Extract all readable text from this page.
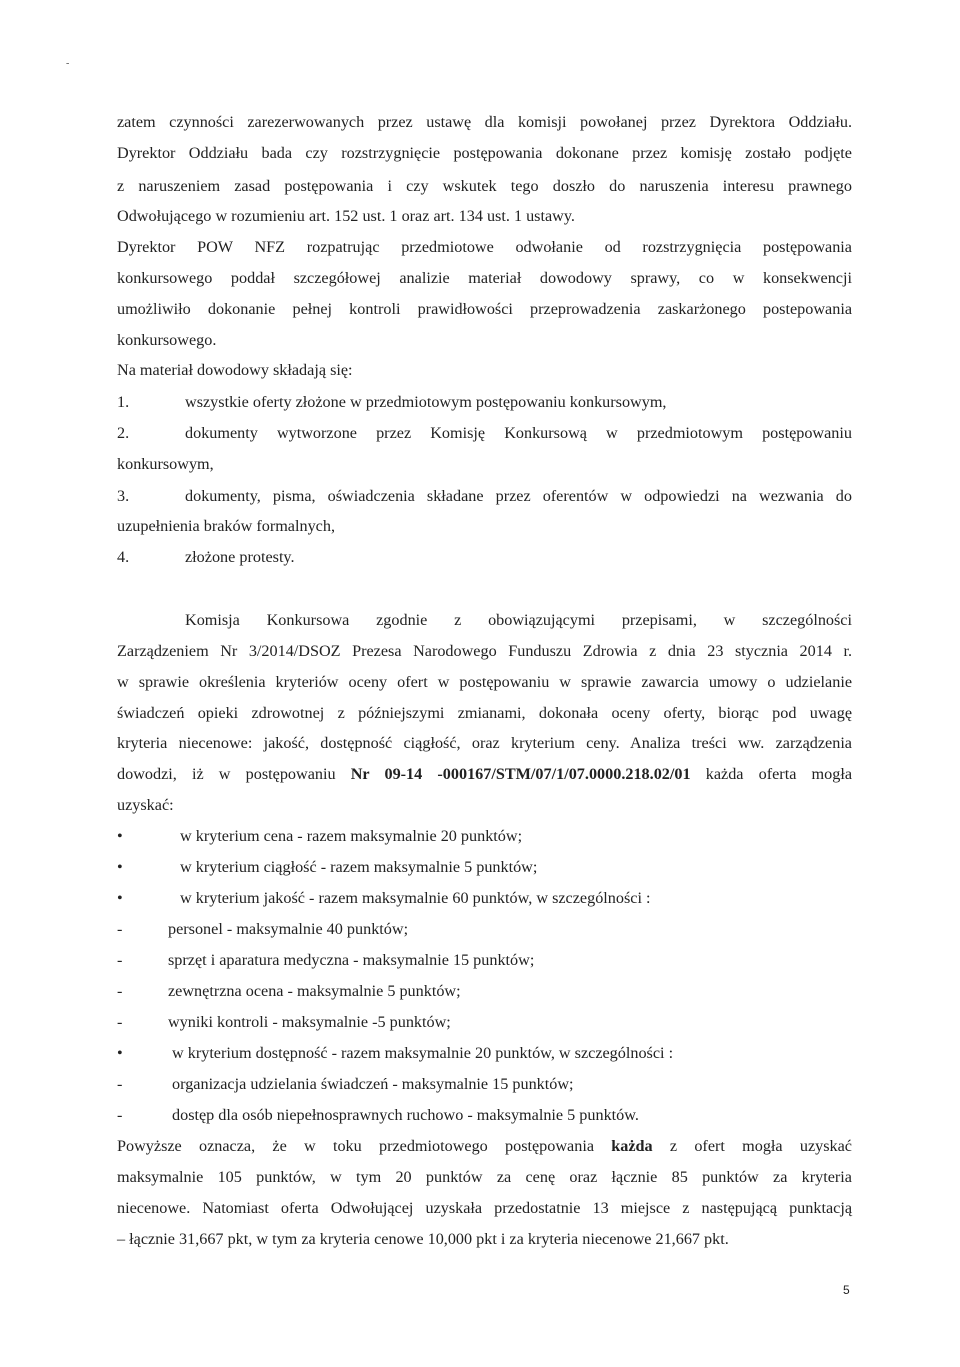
-
zatem czynności zarezerwowanych przez ustawę dla komisji powołanej przez Dyrektora Oddziału.
Dyrektor Oddziału bada czy rozstrzygnięcie postępowania dokonane przez komisję zostało podjęte
z naruszeniem zasad postępowania i czy wskutek tego doszło do naruszenia interesu prawnego
Odwołującego w rozumieniu art. 152 ust. 1 oraz art. 134 ust. 1 ustawy.
Dyrektor POW NFZ rozpatrując przedmiotowe odwołanie od rozstrzygnięcia postępowania
konkursowego poddał szczegółowej analizie materiał dowodowy sprawy, co w konsekwencji
umożliwiło dokonanie pełnej kontroli prawidłowości przeprowadzenia zaskarżonego postepowania
konkursowego.
Na materiał dowodowy składają się:
1.	wszystkie oferty złożone w przedmiotowym postępowaniu konkursowym,
2.	dokumenty wytworzone przez Komisję Konkursową w przedmiotowym postępowaniu
konkursowym,
3.	dokumenty, pisma, oświadczenia składane przez oferentów w odpowiedzi na wezwania do
uzupełnienia braków formalnych,
4.	złożone protesty.
Komisja Konkursowa zgodnie z obowiązującymi przepisami, w szczególności
Zarządzeniem Nr 3/2014/DSOZ Prezesa Narodowego Funduszu Zdrowia z dnia 23 stycznia 2014 r.
w sprawie określenia kryteriów oceny ofert w postępowaniu w sprawie zawarcia umowy o udzielanie
świadczeń opieki zdrowotnej z późniejszymi zmianami, dokonała oceny oferty, biorąc pod uwagę
kryteria niecenowe: jakość, dostępność ciągłość, oraz kryterium ceny. Analiza treści ww. zarządzenia
dowodzi, iż w postępowaniu Nr 09-14 -000167/STM/07/1/07.0000.218.02/01 każda oferta mogła
uzyskać:
•	w kryterium cena - razem maksymalnie 20 punktów;
•	w kryterium ciągłość - razem maksymalnie 5 punktów;
•	w kryterium jakość - razem maksymalnie 60 punktów, w szczególności :
-	personel - maksymalnie 40 punktów;
-	sprzęt i aparatura medyczna - maksymalnie 15 punktów;
-	zewnętrzna ocena - maksymalnie 5 punktów;
-	wyniki kontroli - maksymalnie -5 punktów;
•	w kryterium dostępność - razem maksymalnie 20 punktów, w szczególności :
-	organizacja udzielania świadczeń - maksymalnie 15 punktów;
-	dostęp dla osób niepełnosprawnych ruchowo - maksymalnie 5 punktów.
Powyższe oznacza, że w toku przedmiotowego postępowania każda z ofert mogła uzyskać
maksymalnie 105 punktów, w tym 20 punktów za cenę oraz łącznie 85 punktów za kryteria
niecenowe. Natomiast oferta Odwołującej uzyskała przedostatnie 13 miejsce z następującą punktacją
– łącznie 31,667 pkt, w tym za kryteria cenowe 10,000 pkt i za kryteria niecenowe 21,667 pkt.
5
